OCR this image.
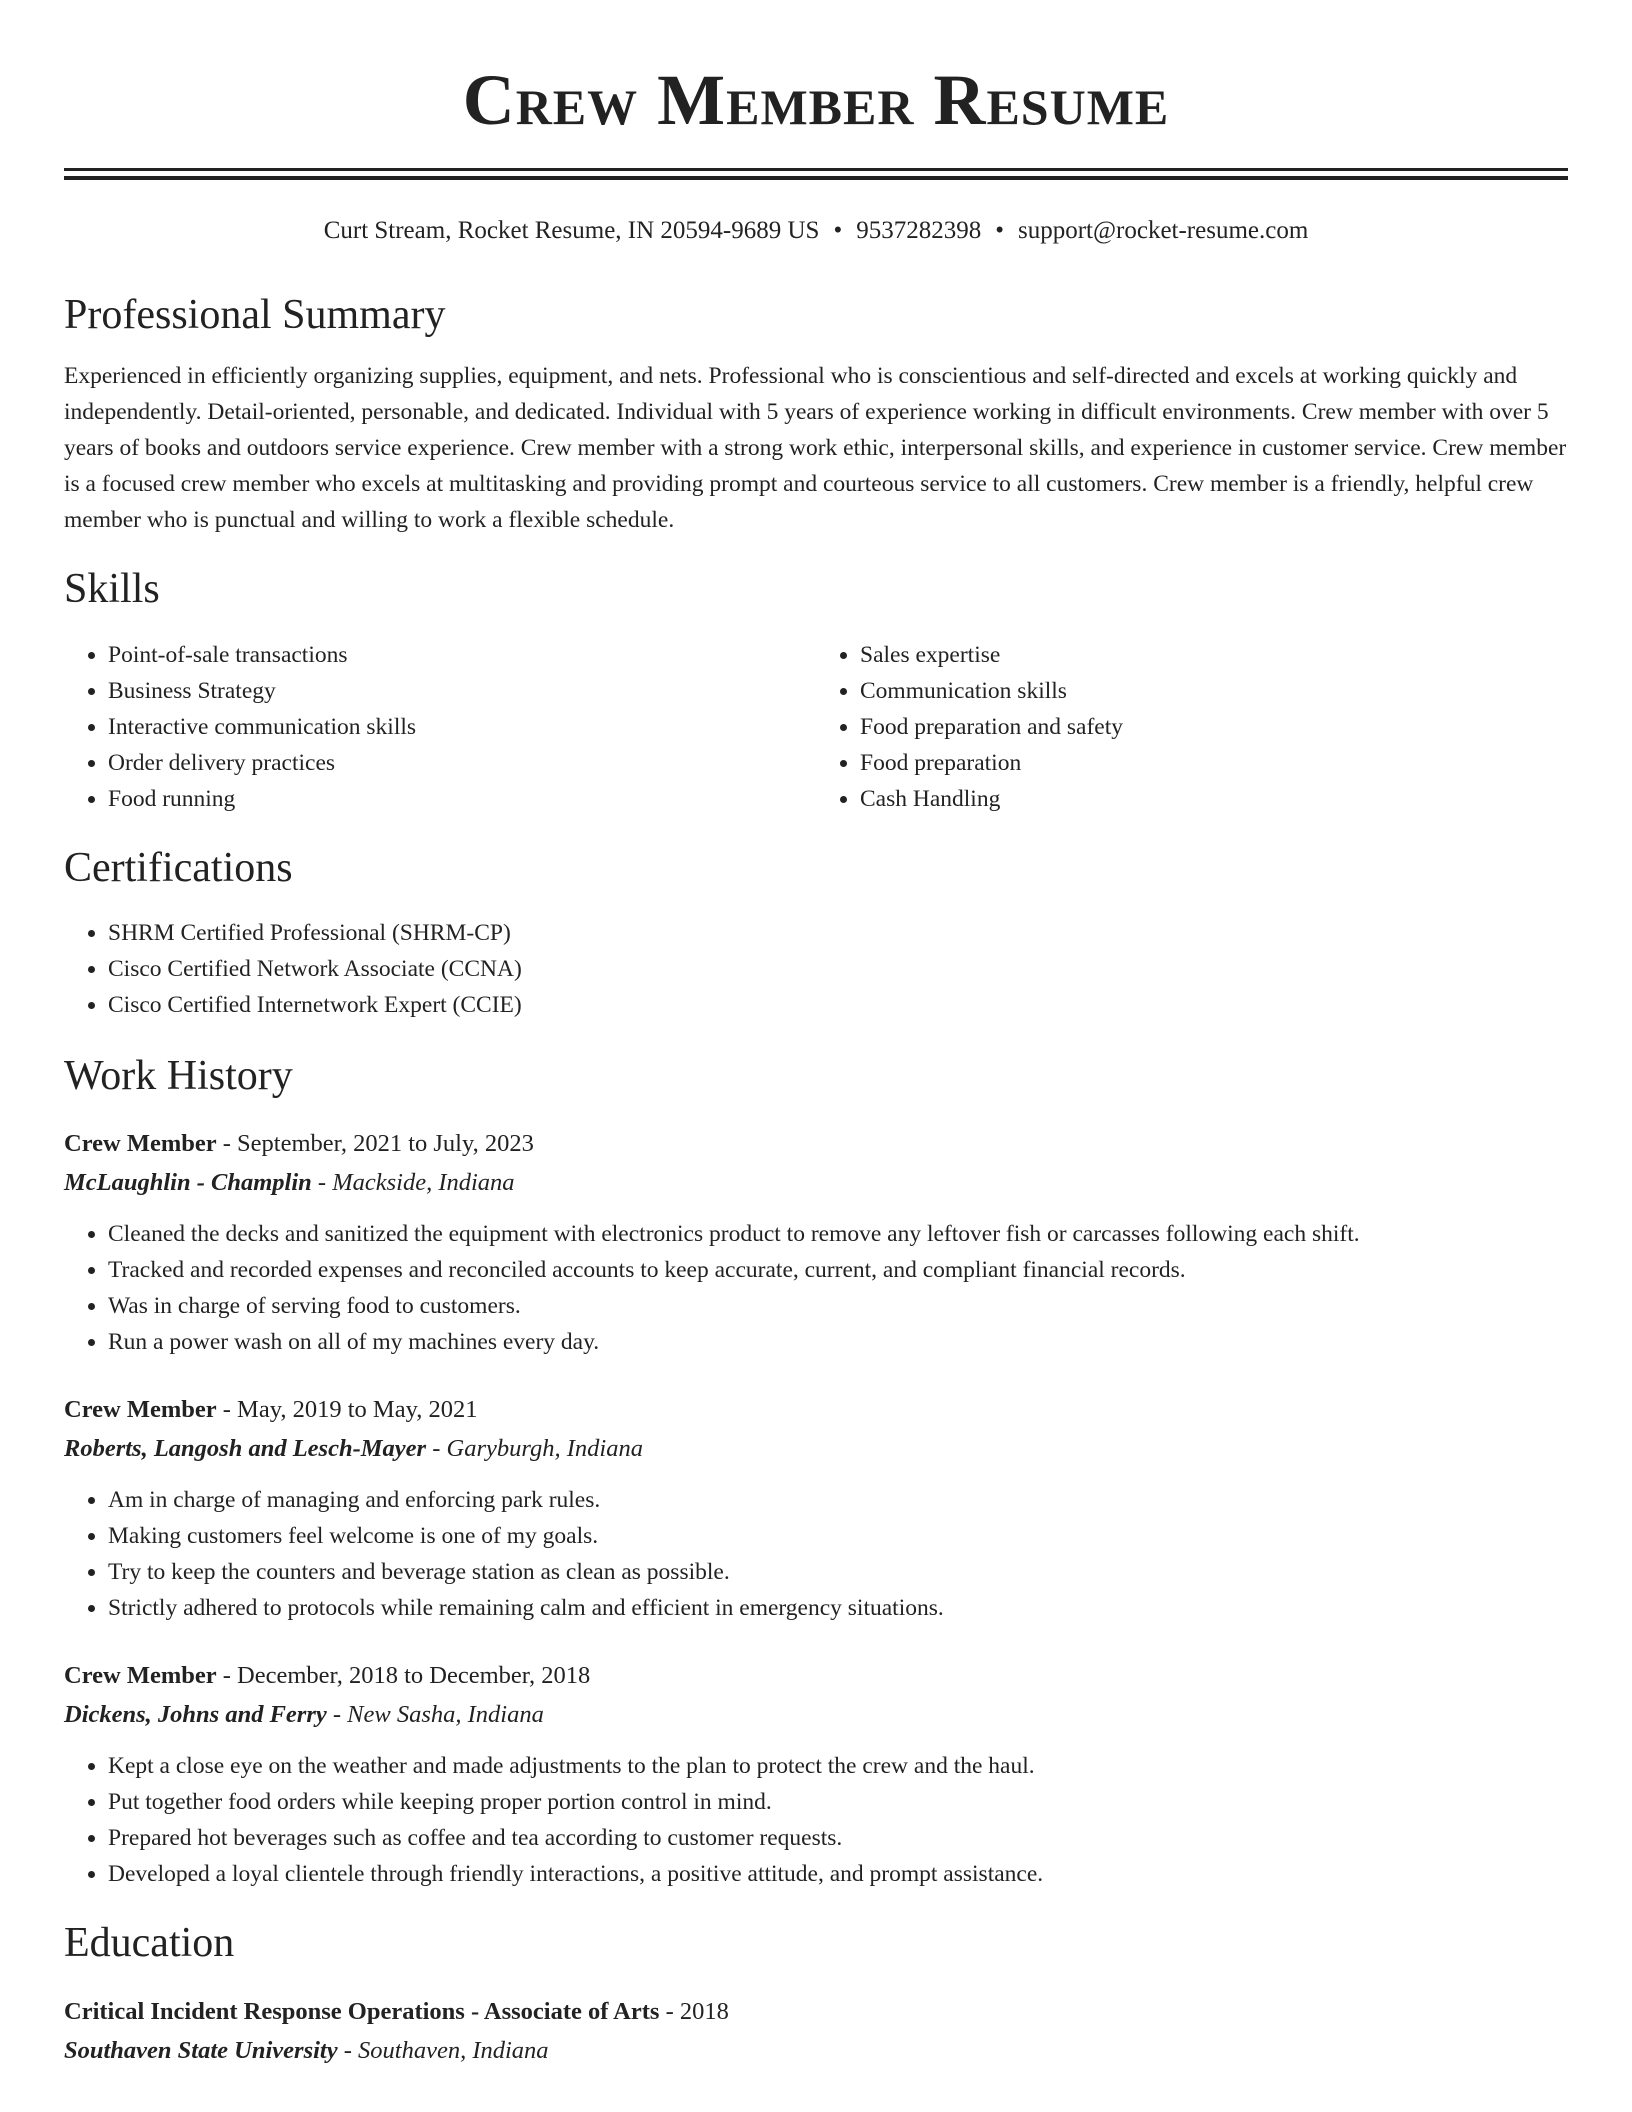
Crew Member Resume
Curt Stream, Rocket Resume, IN 20594-9689 US • 9537282398 • support@rocket-resume.com
Professional Summary

Experienced in efficiently organizing supplies, equipment, and nets. Professional who is conscientious and self-directed and excels at working quickly and independently. Detail-oriented, personable, and dedicated. Individual with 5 years of experience working in difficult environments. Crew member with over 5 years of books and outdoors service experience. Crew member with a strong work ethic, interpersonal skills, and experience in customer service. Crew member is a focused crew member who excels at multitasking and providing prompt and courteous service to all customers. Crew member is a friendly, helpful crew member who is punctual and willing to work a flexible schedule.

Skills
• Point-of-sale transactions
• Business Strategy
• Interactive communication skills
• Order delivery practices
• Food running
• Sales expertise
• Communication skills
• Food preparation and safety
• Food preparation
• Cash Handling
Certifications
• SHRM Certified Professional (SHRM-CP)
• Cisco Certified Network Associate (CCNA)
• Cisco Certified Internetwork Expert (CCIE)
Work History
Crew Member - September, 2021 to July, 2023
McLaughlin - Champlin - Mackside, Indiana
• Cleaned the decks and sanitized the equipment with electronics product to remove any leftover fish or carcasses following each shift.
• Tracked and recorded expenses and reconciled accounts to keep accurate, current, and compliant financial records.
• Was in charge of serving food to customers.
• Run a power wash on all of my machines every day.
Crew Member - May, 2019 to May, 2021
Roberts, Langosh and Lesch-Mayer - Garyburgh, Indiana
• Am in charge of managing and enforcing park rules.
• Making customers feel welcome is one of my goals.
• Try to keep the counters and beverage station as clean as possible.
• Strictly adhered to protocols while remaining calm and efficient in emergency situations.
Crew Member - December, 2018 to December, 2018
Dickens, Johns and Ferry - New Sasha, Indiana
• Kept a close eye on the weather and made adjustments to the plan to protect the crew and the haul.
• Put together food orders while keeping proper portion control in mind.
• Prepared hot beverages such as coffee and tea according to customer requests.
• Developed a loyal clientele through friendly interactions, a positive attitude, and prompt assistance.
Education
Critical Incident Response Operations - Associate of Arts - 2018
Southaven State University - Southaven, Indiana
